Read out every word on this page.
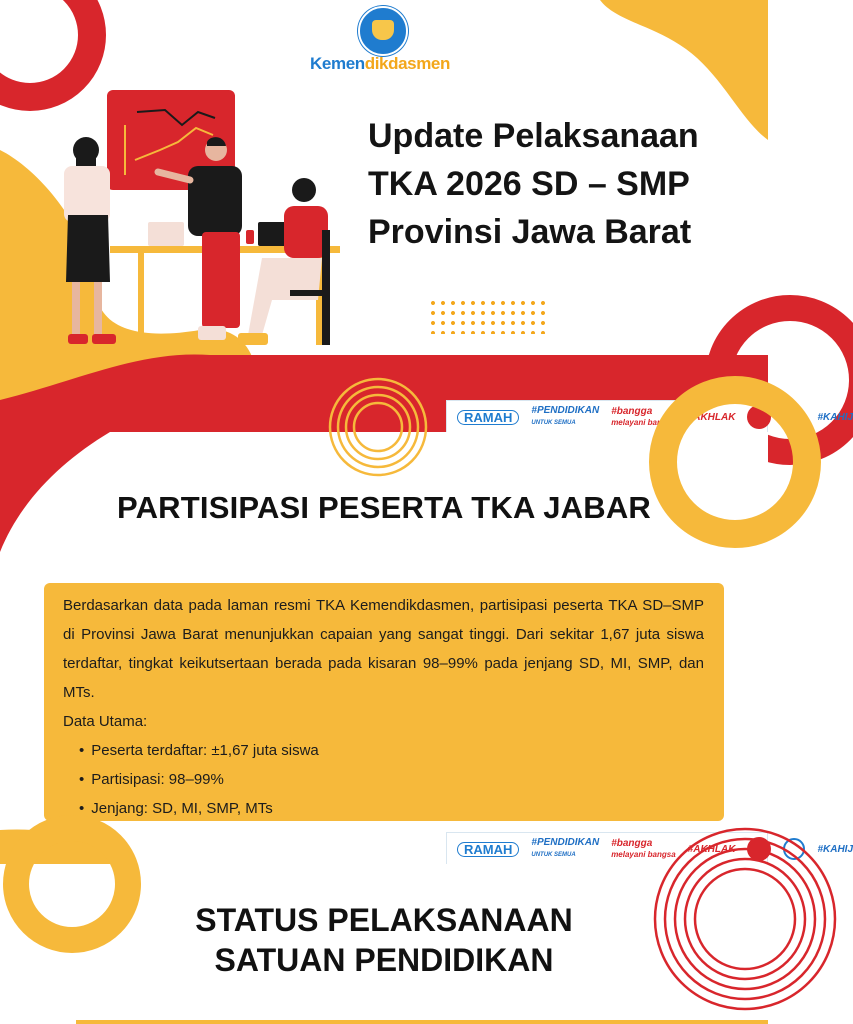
Kemendikdasmen
Update Pelaksanaan
TKA 2026 SD – SMP
Provinsi Jawa Barat
RAMAH	#PENDIDIKAN
UNTUK SEMUA
#bangga
melayani bangsa #AKHLAK	#KAHIJ
PARTISIPASI PESERTA TKA JABAR

Berdasarkan data pada laman resmi TKA Kemendikdasmen, partisipasi peserta TKA SD–SMP di Provinsi Jawa Barat menunjukkan capaian yang sangat tinggi. Dari sekitar 1,67 juta siswa terdaftar, tingkat keikutsertaan berada pada kisaran 98–99% pada jenjang SD, MI, SMP, dan MTs.

Data Utama:
• Peserta terdaftar: ±1,67 juta siswa
• Partisipasi: 98–99%
• Jenjang: SD, MI, SMP, MTs
RAMAH	#PENDIDIKAN
UNTUK SEMUA
#bangga
melayani bangsa #AKHLAK	#KAHIJ
STATUS PELAKSANAAN
SATUAN PENDIDIKAN
